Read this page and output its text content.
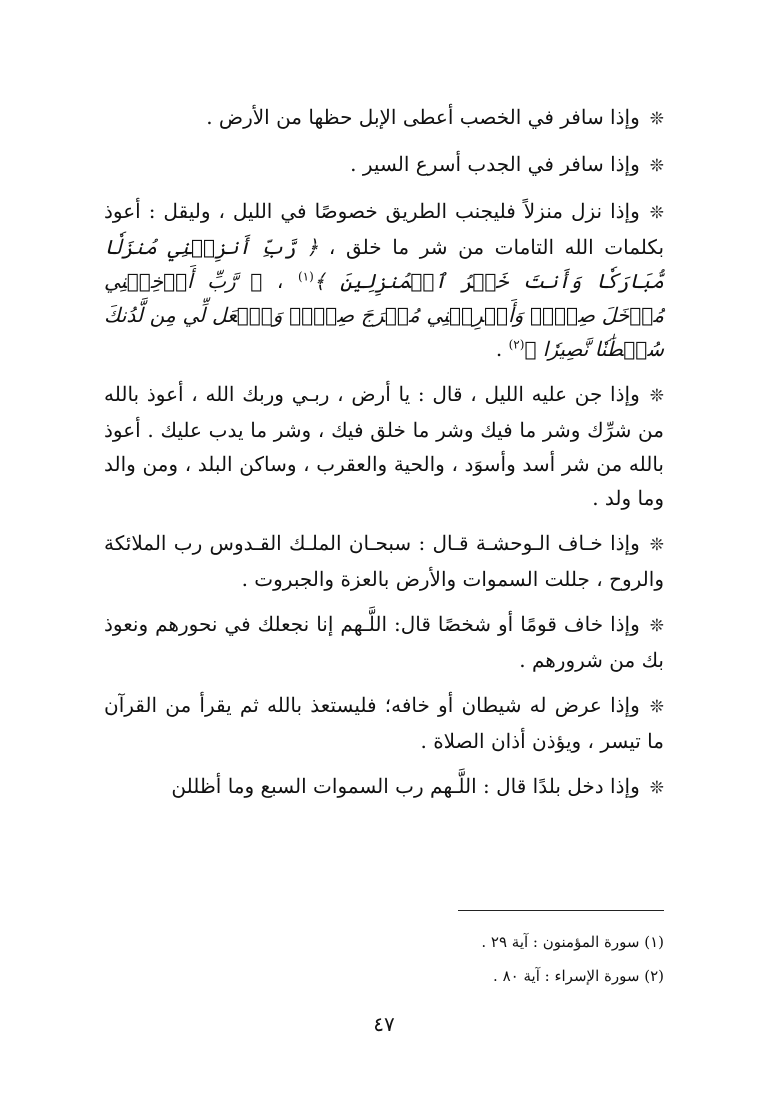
❊وإذا سافر في الخصب أعطى الإبل حظها من الأرض .

❊وإذا سافر في الجدب أسرع السير .

❊وإذا نزل منزلاً فليجنب الطريق خصوصًا في الليل ، وليقل : أعوذ بكلمات الله التامات من شر ما خلق ، ﴿ رَّبِّ أَنزِلۡنِي مُنزَلٗا مُّبَارَكٗا وَأَنتَ خَيۡرُ ٱلۡمُنزِلِينَ ﴾$^{(١)}$ ، ﴿ رَّبِّ أَدۡخِلۡنِي مُدۡخَلَ صِدۡقٖ وَأَخۡرِجۡنِي مُخۡرَجَ صِدۡقٖ وَٱجۡعَل لِّي مِن لَّدُنكَ سُلۡطَٰنٗا نَّصِيرٗا ﴾$^{(٢)}$ .

❊وإذا جن عليه الليل ، قال : يا أرض ، ربـي وربك الله ، أعوذ بالله من شرِّك وشر ما فيك وشر ما خلق فيك ، وشر ما يدب عليك . أعوذ بالله من شر أسد وأسوَد ، والحية والعقرب ، وساكن البلد ، ومن والد وما ولد .

❊وإذا خـاف الـوحشـة قـال : سبحـان الملـك القـدوس رب الملائكة والروح ، جللت السموات والأرض بالعزة والجبروت .

❊وإذا خاف قومًا أو شخصًا قال: اللَّـهم إنا نجعلك في نحورهم ونعوذ بك من شرورهم .

❊وإذا عرض له شيطان أو خافه؛ فليستعذ بالله ثم يقرأ من القرآن ما تيسر ، ويؤذن أذان الصلاة .

❊وإذا دخل بلدًا قال : اللَّـهم رب السموات السبع وما أظللن

(١) سورة المؤمنون : آية ٢٩ .

(٢) سورة الإسراء : آية ٨٠ .

٤٧
